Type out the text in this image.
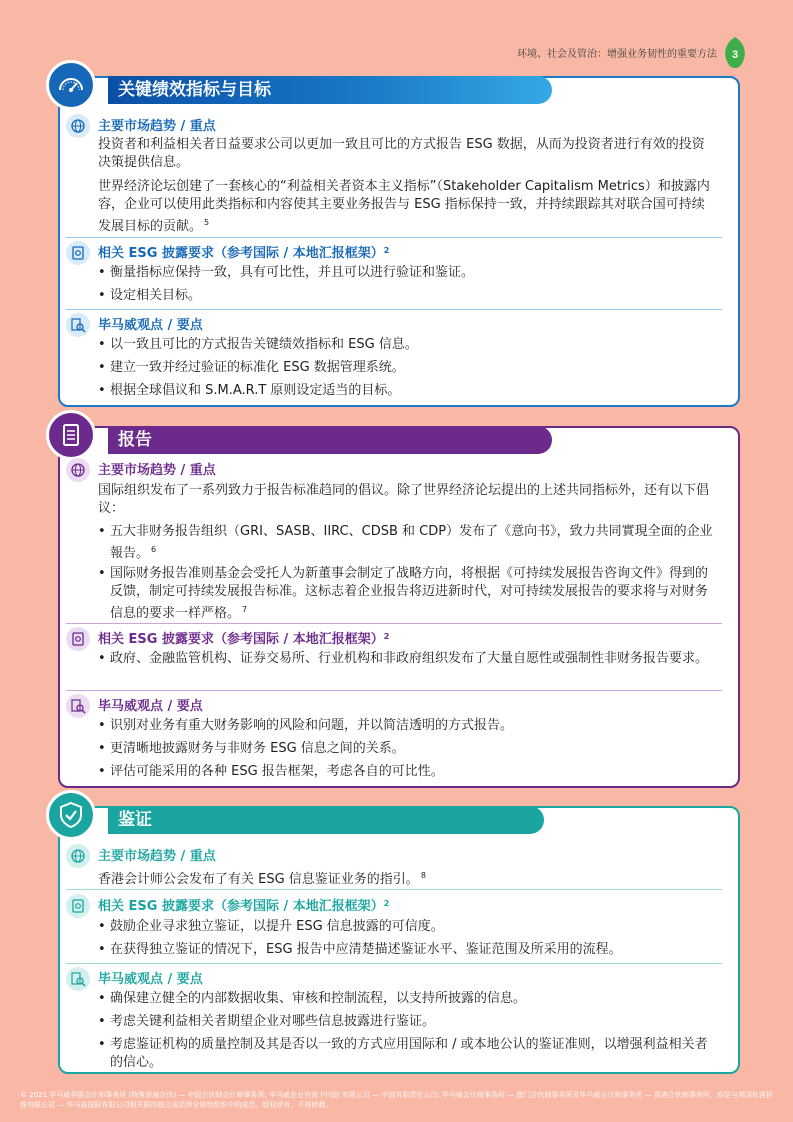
环境、社会及管治：增强业务韧性的重要方法 3
关键绩效指标与目标
主要市场趋势 / 重点
投资者和利益相关者日益要求公司以更加一致且可比的方式报告 ESG 数据，从而为投资者进行有效的投资决策提供信息。
世界经济论坛创建了一套核心的“利益相关者资本主义指标”（Stakeholder Capitalism Metrics）和披露内容，企业可以使用此类指标和内容使其主要业务报告与 ESG 指标保持一致，并持续跟踪其对联合国可持续发展目标的贡献。 $^5$
相关 ESG 披露要求（参考国际 / 本地汇报框架）$^2$
• 衡量指标应保持一致，具有可比性，并且可以进行验证和鉴证。
• 设定相关目标。
毕马威观点 / 要点
• 以一致且可比的方式报告关键绩效指标和 ESG 信息。
• 建立一致并经过验证的标准化 ESG 数据管理系统。
• 根据全球倡议和 S.M.A.R.T 原则设定适当的目标。
报告
主要市场趋势 / 重点
国际组织发布了一系列致力于报告标准趋同的倡议。除了世界经济论坛提出的上述共同指标外，还有以下倡议：
• 五大非财务报告组织（GRI、SASB、IIRC、CDSB 和 CDP）发布了《意向书》，致力共同實現全面的企业報告。 $^6$
• 国际财务报告准则基金会受托人为新董事会制定了战略方向，将根据《可持续发展报告咨询文件》得到的反馈，制定可持续发展报告标准。这标志着企业报告将迈进新时代，对可持续发展报告的要求将与对财务信息的要求一样严格。 $^7$
相关 ESG 披露要求（参考国际 / 本地汇报框架）$^2$
• 政府、金融监管机构、证券交易所、行业机构和非政府组织发布了大量自愿性或强制性非财务报告要求。
毕马威观点 / 要点
• 识别对业务有重大财务影响的风险和问题，并以简洁透明的方式报告。
• 更清晰地披露财务与非财务 ESG 信息之间的关系。
• 评估可能采用的各种 ESG 报告框架，考虑各自的可比性。
鉴证
主要市场趋势 / 重点
香港会计师公会发布了有关 ESG 信息鉴证业务的指引。 $^8$
相关 ESG 披露要求（参考国际 / 本地汇报框架）$^2$
• 鼓励企业寻求独立鉴证，以提升 ESG 信息披露的可信度。
• 在获得独立鉴证的情况下，ESG 报告中应清楚描述鉴证水平、鉴证范围及所采用的流程。
毕马威观点 / 要点
• 确保建立健全的内部数据收集、审核和控制流程，以支持所披露的信息。
• 考虑关键利益相关者期望企业对哪些信息披露进行鉴证。
• 考虑鉴证机构的质量控制及其是否以一致的方式应用国际和 / 或本地公认的鉴证准则，以增强利益相关者的信心。
© 2021 毕马威华振会计师事务所 (特殊普通合伙) — 中国合伙制会计师事务所; 毕马威企业咨询 (中国) 有限公司 — 中国有限责任公司; 毕马威会计师事务所 — 澳门合伙制事务所及毕马威会计师事务所 — 香港合伙制事务所，均是与英国私营担保有限公司 — 毕马威国际有限公司相关联的独立成员所全球性组织中的成员。版权所有，不得转载。
